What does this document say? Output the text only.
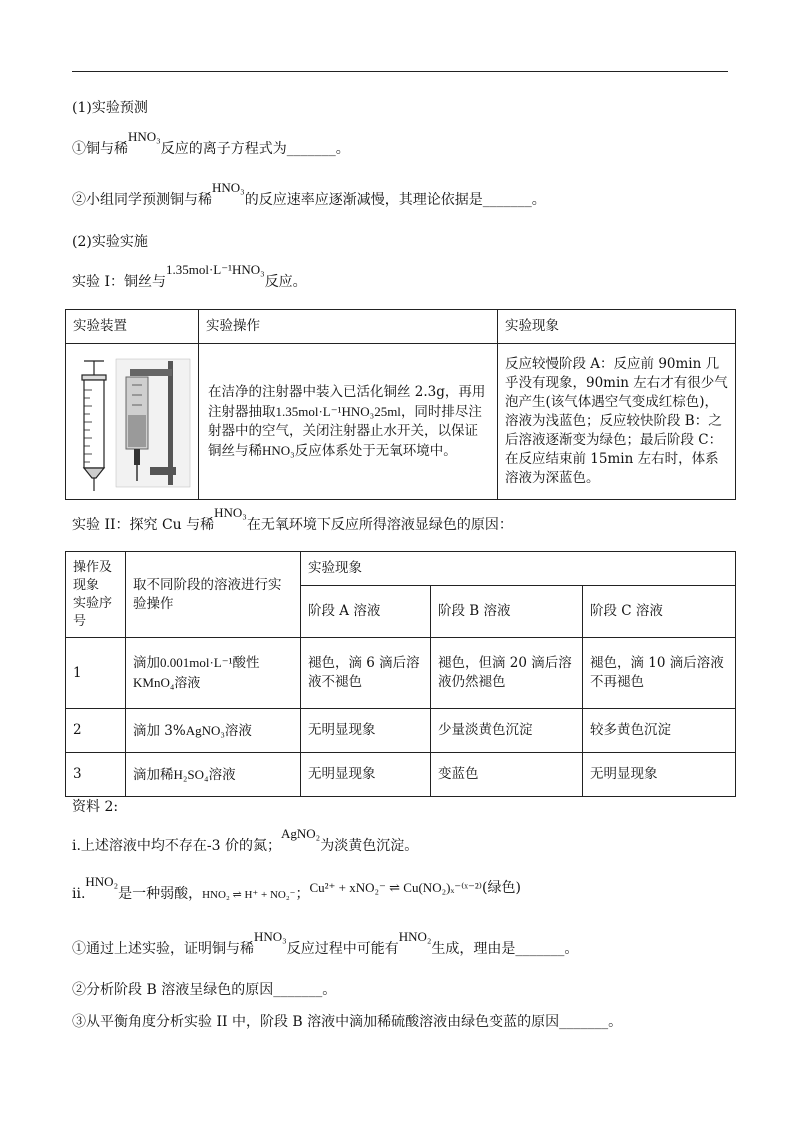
(1)实验预测
①铜与稀HNO₃反应的离子方程式为_______。
②小组同学预测铜与稀HNO₃的反应速率应逐渐减慢，其理论依据是_______。
(2)实验实施
实验 I：铜丝与1.35mol·L⁻¹HNO₃反应。
实验装置	实验操作	实验现象

	在洁净的注射器中装入已活化铜丝 2.3g，再用注射器抽取1.35mol·L⁻¹HNO₃25ml，同时排尽注射器中的空气，关闭注射器止水开关，以保证铜丝与稀HNO₃反应体系处于无氧环境中。	反应较慢阶段 A：反应前 90min 几乎没有现象，90min 左右才有很少气泡产生(该气体遇空气变成红棕色)，溶液为浅蓝色；反应较快阶段 B：之后溶液逐渐变为绿色；最后阶段 C：在反应结束前 15min 左右时，体系溶液为深蓝色。
实验 II：探究 Cu 与稀HNO₃在无氧环境下反应所得溶液显绿色的原因：
操作及现象
实验序号	取不同阶段的溶液进行实验操作	实验现象		
		阶段 A 溶液	阶段 B 溶液	阶段 C 溶液
1	滴加0.001mol·L⁻¹酸性
KMnO₄溶液	褪色，滴 6 滴后溶液不褪色	褪色，但滴 20 滴后溶液仍然褪色	褪色，滴 10 滴后溶液不再褪色
2	滴加 3%AgNO₃溶液	无明显现象	少量淡黄色沉淀	较多黄色沉淀
3	滴加稀H₂SO₄溶液	无明显现象	变蓝色	无明显现象
资料 2:
i.上述溶液中均不存在-3 价的氮；AgNO₂为淡黄色沉淀。
ii.HNO₂是一种弱酸，HNO₂ ⇌ H⁺ + NO₂⁻；Cu²⁺ + xNO₂⁻ ⇌ Cu(NO₂)ₓ⁻⁽ˣ⁻²⁾(绿色)
①通过上述实验，证明铜与稀HNO₃反应过程中可能有HNO₂生成，理由是_______。
②分析阶段 B 溶液呈绿色的原因_______。
③从平衡角度分析实验 II 中，阶段 B 溶液中滴加稀硫酸溶液由绿色变蓝的原因_______。
